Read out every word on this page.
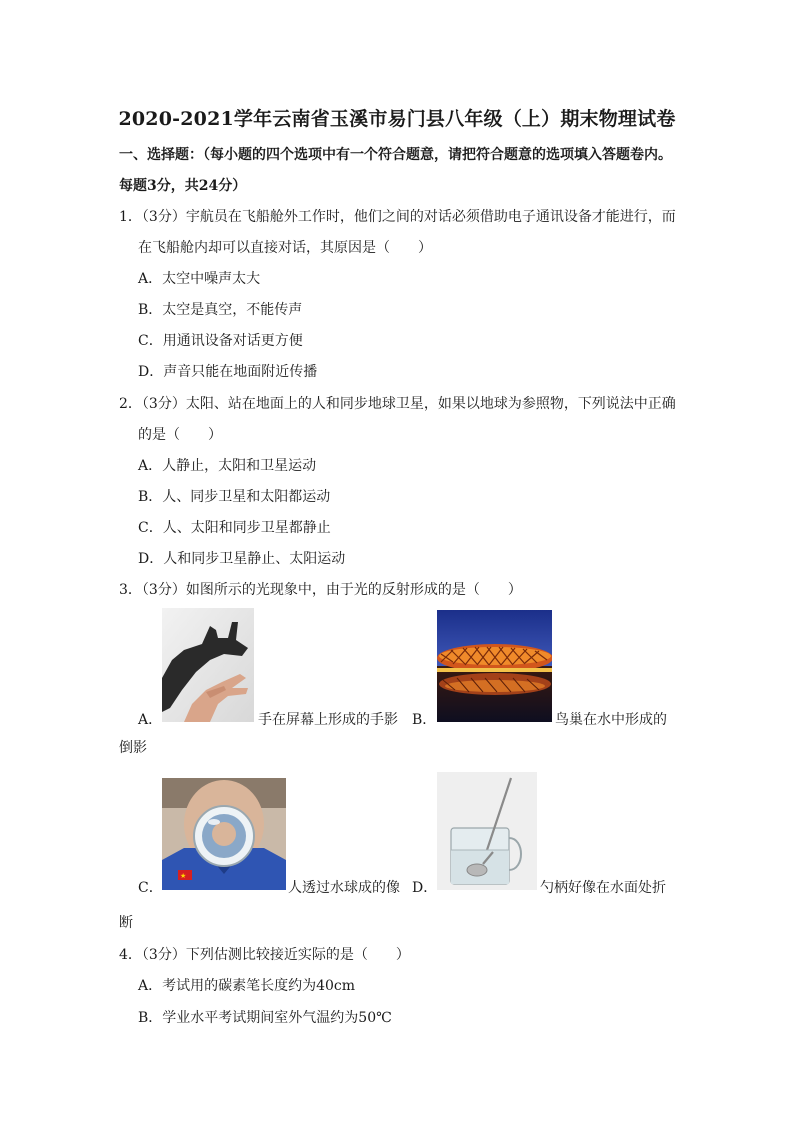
2020-2021学年云南省玉溪市易门县八年级（上）期末物理试卷
一、选择题：（每小题的四个选项中有一个符合题意，请把符合题意的选项填入答题卷内。
每题3分，共24分）
1．（3分）宇航员在飞船舱外工作时，他们之间的对话必须借助电子通讯设备才能进行，而
在飞船舱内却可以直接对话，其原因是（　　）
A．太空中噪声太大
B．太空是真空，不能传声
C．用通讯设备对话更方便
D．声音只能在地面附近传播
2．（3分）太阳、站在地面上的人和同步地球卫星，如果以地球为参照物，下列说法中正确
的是（　　）
A．人静止，太阳和卫星运动
B．人、同步卫星和太阳都运动
C．人、太阳和同步卫星都静止
D．人和同步卫星静止、太阳运动
3．（3分）如图所示的光现象中，由于光的反射形成的是（　　）
A．	手在屏幕上形成的手影 B．	鸟巢在水中形成的
倒影
★
C．	人透过水球成的像 D．	勺柄好像在水面处折
断
4．（3分）下列估测比较接近实际的是（　　）
A．考试用的碳素笔长度约为40cm
B．学业水平考试期间室外气温约为50℃
